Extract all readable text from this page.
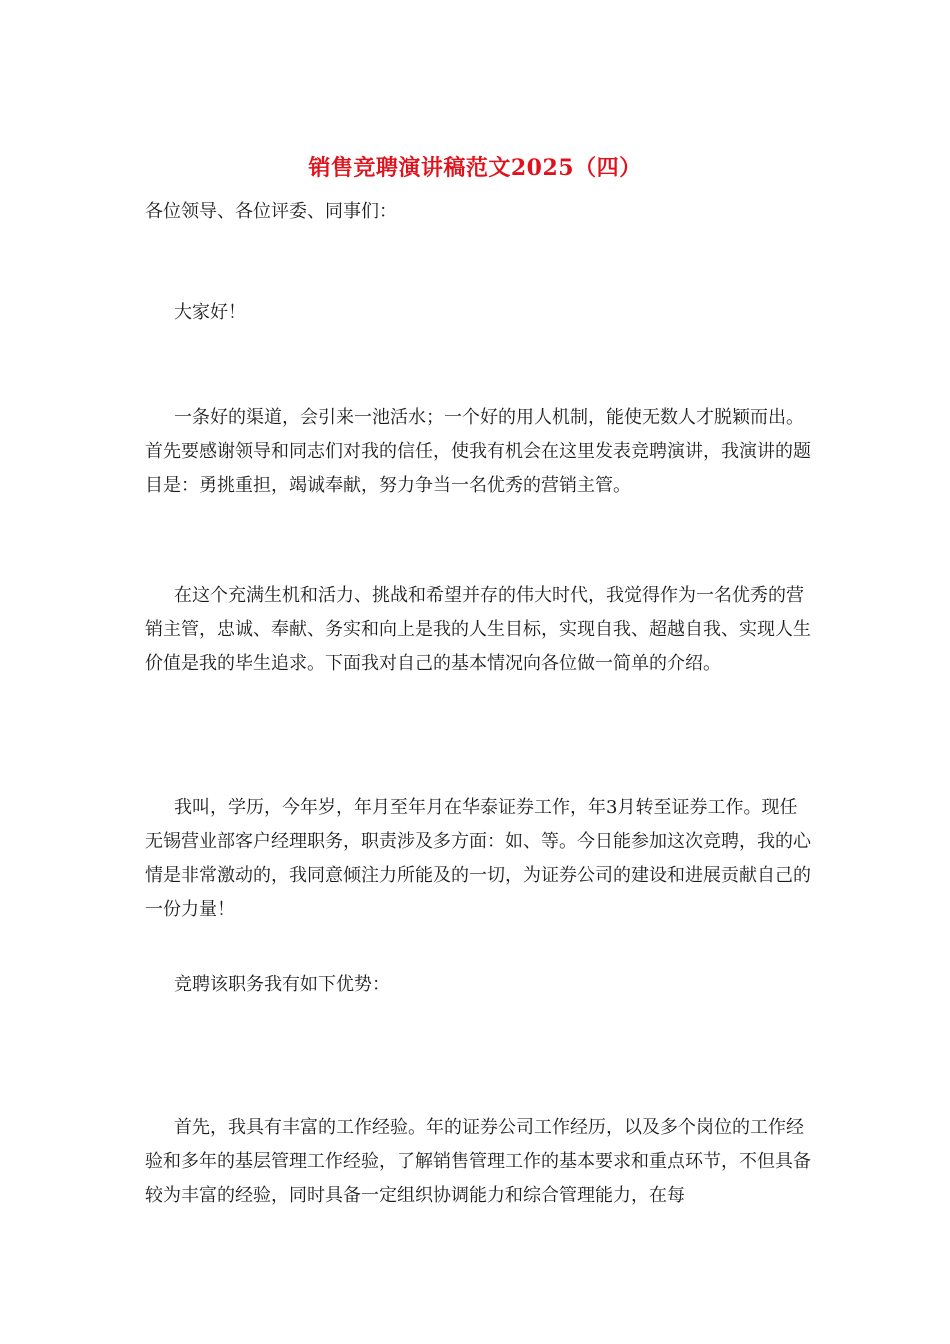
销售竞聘演讲稿范文2025（四）
各位领导、各位评委、同事们：

大家好！

一条好的渠道，会引来一池活水；一个好的用人机制，能使无数人才脱颖而出。首先要感谢领导和同志们对我的信任，使我有机会在这里发表竞聘演讲，我演讲的题目是：勇挑重担，竭诚奉献，努力争当一名优秀的营销主管。

在这个充满生机和活力、挑战和希望并存的伟大时代，我觉得作为一名优秀的营销主管，忠诚、奉献、务实和向上是我的人生目标，实现自我、超越自我、实现人生价值是我的毕生追求。下面我对自己的基本情况向各位做一简单的介绍。

我叫，学历，今年岁，年月至年月在华泰证券工作，年3月转至证券工作。现任无锡营业部客户经理职务，职责涉及多方面：如、等。今日能参加这次竞聘，我的心情是非常激动的，我同意倾注力所能及的一切，为证券公司的建设和进展贡献自己的一份力量！

竞聘该职务我有如下优势：

首先，我具有丰富的工作经验。年的证券公司工作经历，以及多个岗位的工作经验和多年的基层管理工作经验，了解销售管理工作的基本要求和重点环节，不但具备较为丰富的经验，同时具备一定组织协调能力和综合管理能力，在每
